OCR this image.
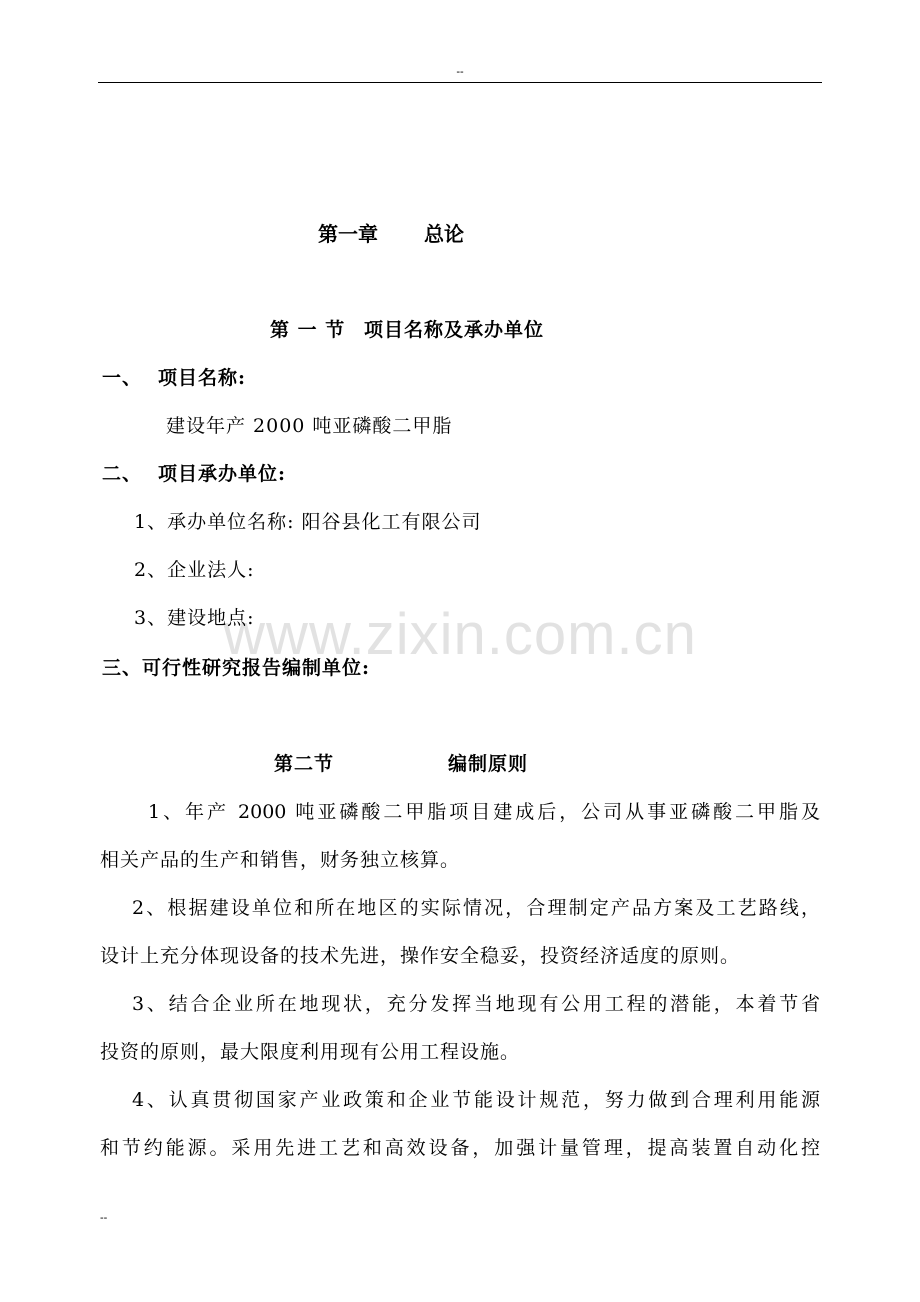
--
www.zixin.com.cn
第一章 总论
第 一 节 项目名称及承办单位
一、 项目名称:
建设年产 2000 吨亚磷酸二甲脂
二、 项目承办单位:
1、承办单位名称: 阳谷县化工有限公司
2、企业法人:
3、建设地点:
三、可行性研究报告编制单位:
第二节	编制原则
1、年产 2000 吨亚磷酸二甲脂项目建成后，公司从事亚磷酸二甲脂及
相关产品的生产和销售，财务独立核算。
2、根据建设单位和所在地区的实际情况，合理制定产品方案及工艺路线，
设计上充分体现设备的技术先进，操作安全稳妥，投资经济适度的原则。
3、结合企业所在地现状，充分发挥当地现有公用工程的潜能，本着节省
投资的原则，最大限度利用现有公用工程设施。
4、认真贯彻国家产业政策和企业节能设计规范，努力做到合理利用能源
和节约能源。采用先进工艺和高效设备，加强计量管理，提高装置自动化控
--
